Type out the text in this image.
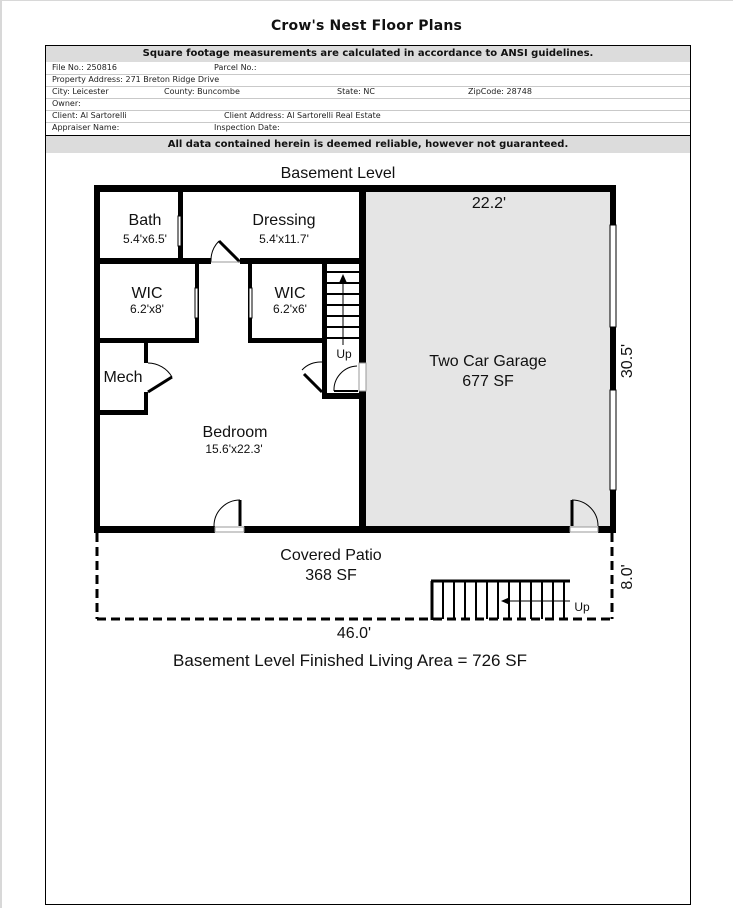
Crow's Nest Floor Plans
Square footage measurements are calculated in accordance to ANSI guidelines.
File No.: 250816	Parcel No.:
Property Address: 271 Breton Ridge Drive
City: Leicester	County: Buncombe	State: NC	ZipCode: 28748
Owner:
Client: Al Sartorelli	Client Address: Al Sartorelli Real Estate
Appraiser Name:	Inspection Date:
All data contained herein is deemed reliable, however not guaranteed.
Basement Level
Bath
5.4'x6.5'
Dressing
5.4'x11.7'
WIC
6.2'x8'
WIC
6.2'x6'
Up
Mech
Bedroom
15.6'x22.3'
22.2'
Two Car Garage
677 SF
30.5'
Covered Patio
368 SF
Up
8.0'
46.0'
Basement Level Finished Living Area = 726 SF
